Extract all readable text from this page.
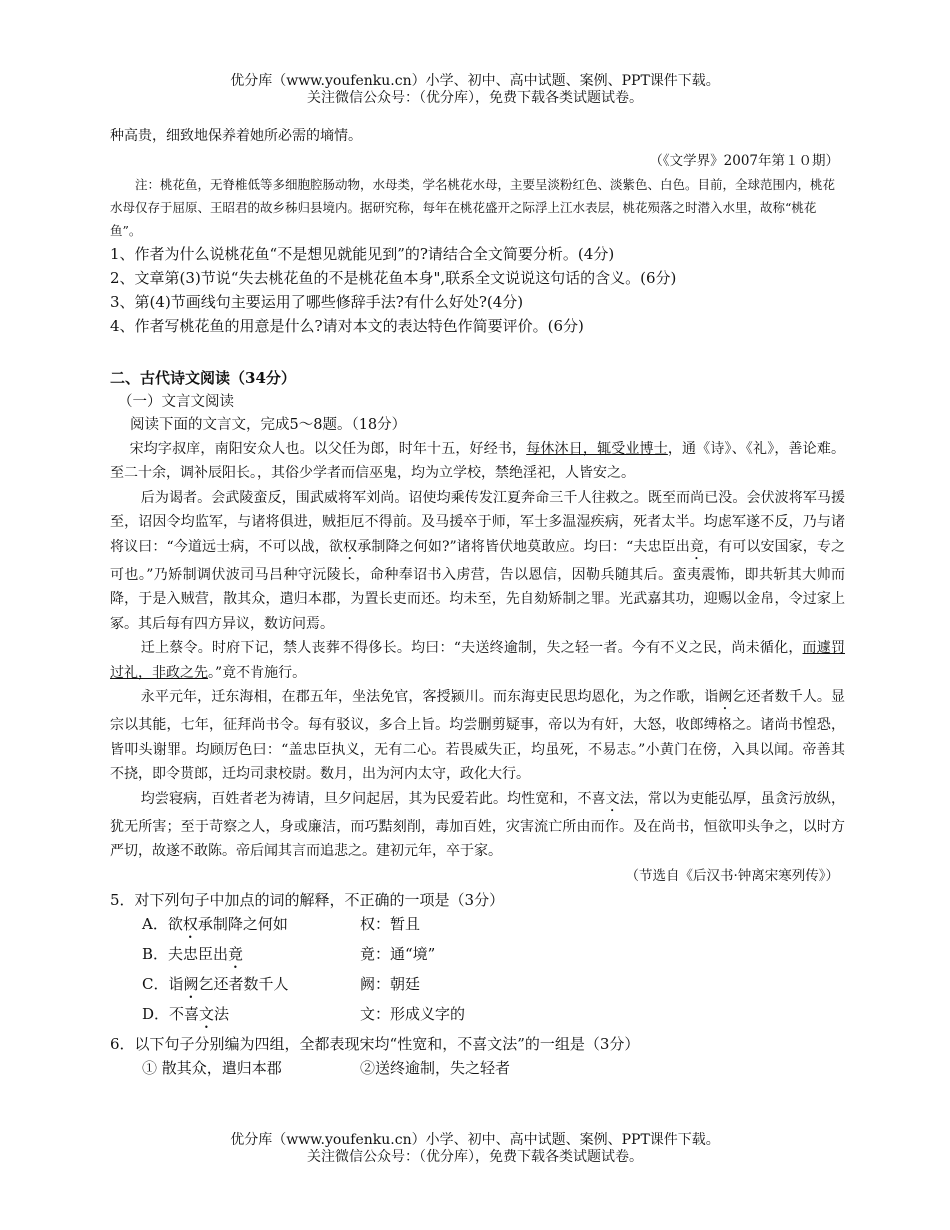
优分库（www.youfenku.cn）小学、初中、高中试题、案例、PPT课件下载。
关注微信公众号：（优分库），免费下载各类试题试卷。

种高贵，细致地保养着她所必需的墒情。

（《文学界》2007年第１０期）

注：桃花鱼，无脊椎低等多细胞腔肠动物，水母类，学名桃花水母，主要呈淡粉红色、淡紫色、白色。目前，全球范围内，桃花水母仅存于屈原、王昭君的故乡秭归县境内。据研究称，每年在桃花盛开之际浮上江水表层，桃花殒落之时潜入水里，故称“桃花鱼”。

1、作者为什么说桃花鱼“不是想见就能见到”的?请结合全文简要分析。(4分)

2、文章第(3)节说“失去桃花鱼的不是桃花鱼本身",联系全文说说这句话的含义。(6分)

3、第(4)节画线句主要运用了哪些修辞手法?有什么好处?(4分)

4、作者写桃花鱼的用意是什么?请对本文的表达特色作简要评价。(6分)

二、古代诗文阅读（34分）
（一）文言文阅读
阅读下面的文言文，完成5～8题。（18分）

宋均字叔庠，南阳安众人也。以父任为郎，时年十五，好经书，每休沐日，辄受业博士，通《诗》、《礼》，善论难。至二十余，调补辰阳长。，其俗少学者而信巫鬼，均为立学校，禁绝淫祀，人皆安之。

后为谒者。会武陵蛮反，围武威将军刘尚。诏使均乘传发江夏奔命三千人往救之。既至而尚已没。会伏波将军马援至，诏因令均监军，与诸将俱进，贼拒厄不得前。及马援卒于师，军士多温湿疾病，死者太半。均虑军遂不反，乃与诸将议曰：“今道远士病，不可以战，欲权承制降之何如?”诸将皆伏地莫敢应。均曰：“夫忠臣出竟，有可以安国家，专之可也。”乃矫制调伏波司马吕种守沅陵长，命种奉诏书入虏营，告以恩信，因勒兵随其后。蛮夷震怖，即共斩其大帅而降，于是入贼营，散其众，遣归本郡，为置长吏而还。均未至，先自劾矫制之罪。光武嘉其功，迎赐以金帛，令过家上冢。其后每有四方异议，数访问焉。

迁上蔡令。时府下记，禁人丧葬不得侈长。均曰：“夫送终逾制，失之轻一者。今有不义之民，尚未循化，而遽罚过礼，非政之先。”竟不肯施行。

永平元年，迁东海相，在郡五年，坐法免官，客授颍川。而东海吏民思均恩化，为之作歌，诣阙乞还者数千人。显宗以其能，七年，征拜尚书令。每有驳议，多合上旨。均尝删剪疑事，帝以为有奸，大怒，收郎缚格之。诸尚书惶恐，皆叩头谢罪。均顾厉色曰：“盖忠臣执义，无有二心。若畏威失正，均虽死，不易志。”小黄门在傍，入具以闻。帝善其不挠，即令贳郎，迁均司隶校尉。数月，出为河内太守，政化大行。

均尝寝病，百姓者老为祷请，旦夕问起居，其为民爱若此。均性宽和，不喜文法，常以为吏能弘厚，虽贪污放纵，犹无所害；至于苛察之人，身或廉洁，而巧黠刻削，毒加百姓，灾害流亡所由而作。及在尚书，恒欲叩头争之，以时方严切，故遂不敢陈。帝后闻其言而追悲之。建初元年，卒于家。

（节选自《后汉书·钟离宋寒列传》）

5．对下列句子中加点的词的解释，不正确的一项是（3分）

A．欲权承制降之何如	权：暂且

B．夫忠臣出竟	竟：通“境”

C．诣阙乞还者数千人	阙：朝廷

D．不喜文法	文：形成义字的

6．以下句子分别编为四组，全都表现宋均“性宽和，不喜文法”的一组是（3分）

① 散其众，遣归本郡	②送终逾制，失之轻者

优分库（www.youfenku.cn）小学、初中、高中试题、案例、PPT课件下载。
关注微信公众号：（优分库），免费下载各类试题试卷。
